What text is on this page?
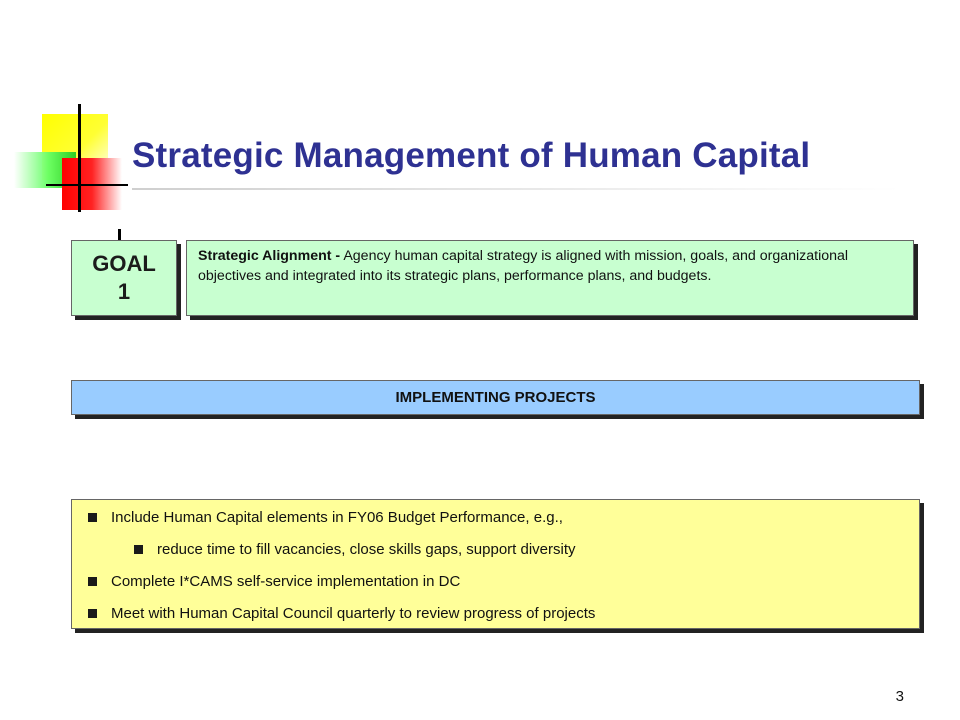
Strategic Management of Human Capital
GOAL
1
Strategic Alignment - Agency human capital strategy is aligned with mission, goals, and organizational objectives and integrated into its strategic plans, performance plans, and budgets.
IMPLEMENTING PROJECTS
Include Human Capital elements in FY06 Budget Performance, e.g.,
reduce time to fill vacancies, close skills gaps, support diversity
Complete I*CAMS self-service implementation in DC
Meet with Human Capital Council quarterly to review progress of projects
3
